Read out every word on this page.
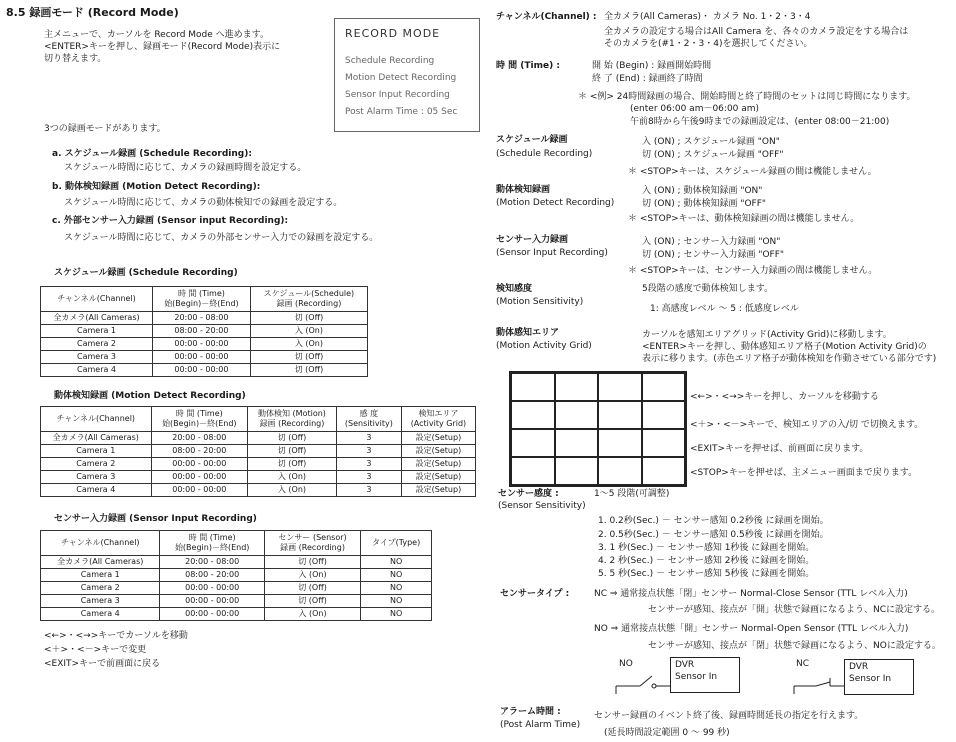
8.5 録画モード (Record Mode)
主メニューで、カーソルを Record Mode へ進めます。
<ENTER>キーを押し、録画モード(Record Mode)表示に
切り替えます。
RECORD MODE
Schedule Recording
Motion Detect Recording
Sensor Input Recording
Post Alarm Time : 05 Sec
3つの録画モードがあります。
a. スケジュール録画 (Schedule Recording):
スケジュール時間に応じて、カメラの録画時間を設定する。
b. 動体検知録画 (Motion Detect Recording):
スケジュール時間に応じて、カメラの動体検知での録画を設定する。
c. 外部センサー入力録画 (Sensor input Recording):
スケジュール時間に応じて、カメラの外部センサー入力での録画を設定する。
スケジュール録画 (Schedule Recording)
チャンネル(Channel)	時 間 (Time)
始(Begin)－終(End)	スケジュール(Schedule)
録画 (Recording)
全カメラ(All Cameras)	20:00 - 08:00	切 (Off)
Camera 1	08:00 - 20:00	入 (On)
Camera 2	00:00 - 00:00	入 (On)
Camera 3	00:00 - 00:00	切 (Off)
Camera 4	00:00 - 00:00	切 (Off)
動体検知録画 (Motion Detect Recording)
チャンネル(Channel)	時 間 (Time)
始(Begin)－終(End)	動体検知 (Motion)
録画 (Recording)	感 度
(Sensitivity)	検知エリア
(Activity Grid)
全カメラ(All Cameras)	20:00 - 08:00	切 (Off)	3	設定(Setup)
Camera 1	08:00 - 20:00	切 (Off)	3	設定(Setup)
Camera 2	00:00 - 00:00	切 (Off)	3	設定(Setup)
Camera 3	00:00 - 00:00	入 (On)	3	設定(Setup)
Camera 4	00:00 - 00:00	入 (On)	3	設定(Setup)
センサー入力録画 (Sensor Input Recording)
チャンネル(Channel)	時 間 (Time)
始(Begin)－終(End)	センサー (Sensor)
録画 (Recording)	タイプ(Type)
全カメラ(All Cameras)	20:00 - 08:00	切 (Off)	NO
Camera 1	08:00 - 20:00	入 (On)	NO
Camera 2	00:00 - 00:00	切 (Off)	NO
Camera 3	00:00 - 00:00	切 (Off)	NO
Camera 4	00:00 - 00:00	入 (On)	NO
<←>・<→>キーでカーソルを移動
<＋>・<－>キーで変更
<EXIT>キーで前画面に戻る
チャンネル(Channel) : 全カメラ(All Cameras)・ カメラ No. 1・2・3・4
全カメラの設定する場合はAll Camera を、各々のカメラ設定をする場合は
そのカメラを(#1・2・3・4)を選択してください。
時 間 (Time) :	開 始 (Begin) : 録画開始時間
終 了 (End) : 録画終了時間
＊ <例> 24時間録画の場合、開始時間と終了時間のセットは同じ時間になります。
(enter 06:00 am－06:00 am)
午前8時から午後9時までの録画設定は、(enter 08:00－21:00)
スケジュール録画
(Schedule Recording)
入 (ON) ; スケジュール録画 "ON"
切 (ON) ; スケジュール録画 "OFF"
＊ <STOP>キーは、スケジュール録画の間は機能しません。
動体検知録画
(Motion Detect Recording)
入 (ON) ; 動体検知録画 "ON"
切 (ON) ; 動体検知録画 "OFF"
＊ <STOP>キーは、動体検知録画の間は機能しません。
センサー入力録画
(Sensor Input Recording)
入 (ON) ; センサー入力録画 "ON"
切 (ON) ; センサー入力録画 "OFF"
＊ <STOP>キーは、センサー入力録画の間は機能しません。
検知感度
(Motion Sensitivity)
5段階の感度で動体検知します。
1: 高感度レベル ～ 5 : 低感度レベル
動体感知エリア
(Motion Activity Grid)
カーソルを感知エリアグリッド(Activity Grid)に移動します。
<ENTER>キーを押し、動体感知エリア格子(Motion Activity Grid)の
表示に移ります。(赤色エリア格子が動体検知を作動させている部分です)
<←>・<→>キーを押し、カーソルを移動する
<＋>・<－>キーで、検知エリアの入/切 で切換えます。
<EXIT>キーを押せば、前画面に戻ります。
<STOP>キーを押せば、主メニュー画面まで戻ります。
センサー感度 :
(Sensor Sensitivity)
1～5 段階(可調整)
1. 0.2秒(Sec.) － センサー感知 0.2秒後 に録画を開始。
2. 0.5秒(Sec.) － センサー感知 0.5秒後 に録画を開始。
3. 1 秒(Sec.) － センサー感知 1秒後 に録画を開始。
4. 2 秒(Sec.) － センサー感知 2秒後 に録画を開始。
5. 5 秒(Sec.) － センサー感知 5秒後 に録画を開始。
センサータイプ :	NC ⇒ 通常接点状態「閉」センサー Normal-Close Sensor (TTL レベル入力)
センサーが感知、接点が「開」状態で録画になるよう、NCに設定する。
NO ⇒ 通常接点状態「開」センサー Normal-Open Sensor (TTL レベル入力)
センサーが感知、接点が「閉」状態で録画になるよう、NOに設定する。
NO	DVR
Sensor In
NC	DVR
Sensor In
アラーム時間 :
(Post Alarm Time)
センサー録画のイベント終了後、録画時間延長の指定を行えます。
(延長時間設定範囲 0 ～ 99 秒)
